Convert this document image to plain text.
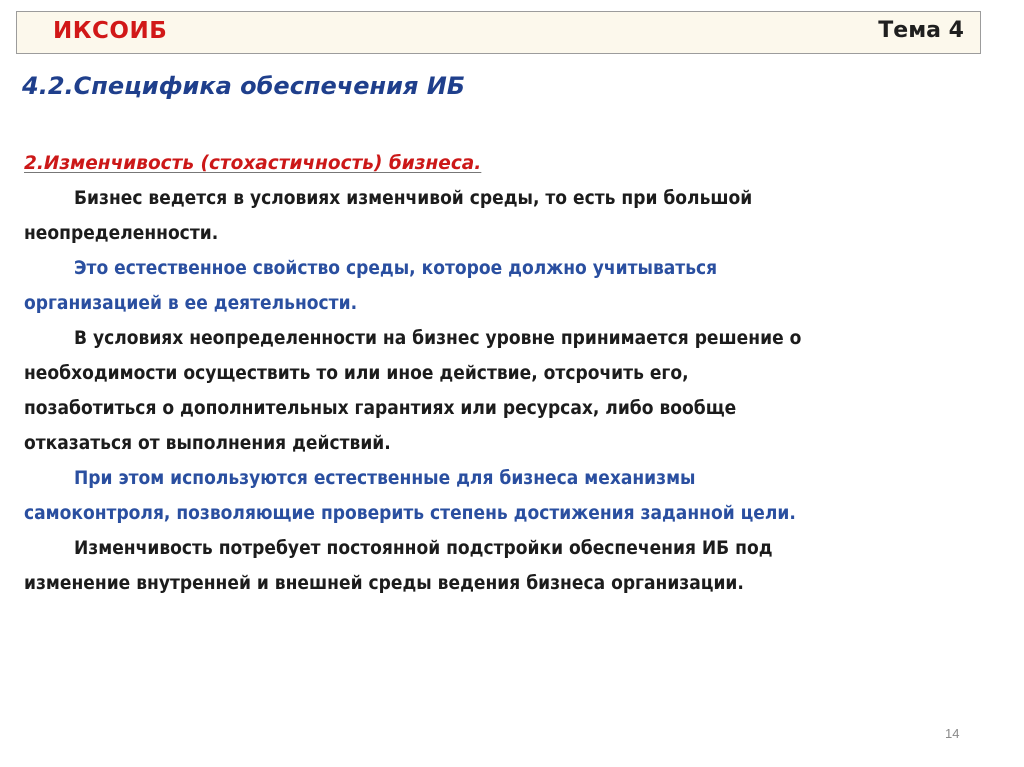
ИКСОИБ	Тема 4
4.2.Специфика обеспечения ИБ
2.Изменчивость (стохастичность) бизнеса.

Бизнес ведется в условиях изменчивой среды, то есть при большой
неопределенности.

Это естественное свойство среды, которое должно учитываться
организацией в ее деятельности.

В условиях неопределенности на бизнес уровне принимается решение о
необходимости осуществить то или иное действие, отсрочить его,
позаботиться о дополнительных гарантиях или ресурсах, либо вообще
отказаться от выполнения действий.

При этом используются естественные для бизнеса механизмы
самоконтроля, позволяющие проверить степень достижения заданной цели.

Изменчивость потребует постоянной подстройки обеспечения ИБ под
изменение внутренней и внешней среды ведения бизнеса организации.

14
